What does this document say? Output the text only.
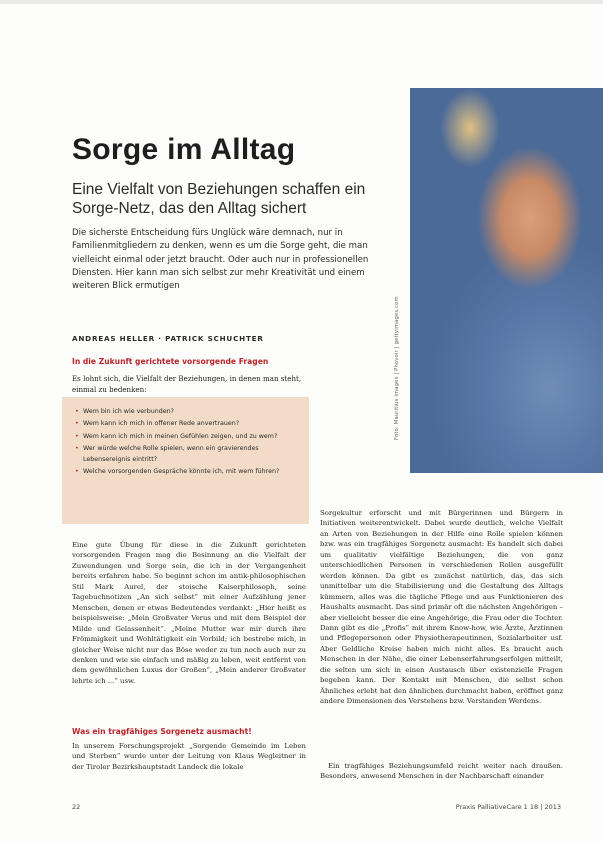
Foto: Mauritius images | Phovoir | gettyimages.com
Sorge im Alltag

Eine Vielfalt von Beziehungen schaffen ein Sorge-Netz, das den Alltag sichert

Die sicherste Entscheidung fürs Unglück wäre demnach, nur in Familienmitgliedern zu denken, wenn es um die Sorge geht, die man vielleicht einmal oder jetzt braucht. Oder auch nur in professionellen Diensten. Hier kann man sich selbst zur mehr Kreativität und einem weiteren Blick ermutigen

ANDREAS HELLER · PATRICK SCHUCHTER

In die Zukunft gerichtete vorsorgende Fragen

Es lohnt sich, die Vielfalt der Beziehungen, in denen man steht, einmal zu bedenken:

• Wem bin ich wie verbunden?
• Wem kann ich mich in offener Rede anvertrauen?
• Wem kann ich mich in meinen Gefühlen zeigen, und zu wem?
• Wer würde welche Rolle spielen, wenn ein gravierendes Lebensereignis eintritt?
• Welche vorsorgenden Gespräche könnte ich, mit wem führen?

Eine gute Übung für diese in die Zukunft gerichteten vorsorgenden Fragen mag die Besinnung an die Vielfalt der Zuwendungen und Sorge sein, die ich in der Vergangenheit bereits erfahren habe. So beginnt schon im antik-philosophischen Stil Mark Aurel, der stoische Kaiserphilosoph, seine Tagebuchnotizen „An sich selbst“ mit einer Aufzählung jener Menschen, denen er etwas Bedeutendes verdankt: „Hier heißt es beispielsweise: „Mein Großvater Verus und mit dem Beispiel der Milde und Gelassenheit“. „Meine Mutter war mir durch ihre Frömmigkeit und Wohltätigkeit ein Vorbild; ich bestrebe mich, in gleicher Weise nicht nur das Böse weder zu tun noch auch nur zu denken und wie sie einfach und mäßig zu leben, weit entfernt von dem gewöhnlichen Luxus der Großen“, „Mein anderer Großvater lehrte ich ...“ usw.

Was ein tragfähiges Sorgenetz ausmacht!

In unserem Forschungsprojekt „Sorgende Gemeinde im Leben und Sterben“ wurde unter der Leitung von Klaus Wegleitner in der Tiroler Bezirkshauptstadt Landeck die lokale

Sorgekultur erforscht und mit Bürgerinnen und Bürgern in Initiativen weiterentwickelt. Dabei wurde deutlich, welche Vielfalt an Arten von Beziehungen in der Hilfe eine Rolle spielen können bzw. was ein tragfähiges Sorgenetz ausmacht: Es handelt sich dabei um qualitativ vielfältige Beziehungen, die von ganz unterschiedlichen Personen in verschiedenen Rollen ausgefüllt werden können. Da gibt es zunächst natürlich, das, das sich unmittelbar um die Stabilisierung und die Gestaltung des Alltags kümmern, alles was die tägliche Pflege und aus Funktionieren des Haushalts ausmacht. Das sind primär oft die nächsten Angehörigen – aber vielleicht besser die eine Angehörige, die Frau oder die Tochter. Dann gibt es die „Profis“ mit ihrem Know-how, wie Ärzte, Ärztinnen und Pflegepersonen oder Physiotherapeutinnen, Sozialarbeiter usf. Aber Geldliche Kreise haben mich nicht alles. Es braucht auch Menschen in der Nähe, die einer Lebenserfahrungserfolgen mitteilt, die selten um sich in einen Austausch über existenzielle Fragen begeben kann. Der Kontakt mit Menschen, die selbst schon Ähnliches erlebt hat den ähnlichen durchmacht haben, eröffnet ganz andere Dimensionen des Verstehens bzw. Verstanden Werdens.

Ein tragfähiges Beziehungsumfeld reicht weiter nach draußen. Besonders, anwesend Menschen in der Nachbarschaft einander

22	Praxis PalliativeCare 1 18 | 2013
